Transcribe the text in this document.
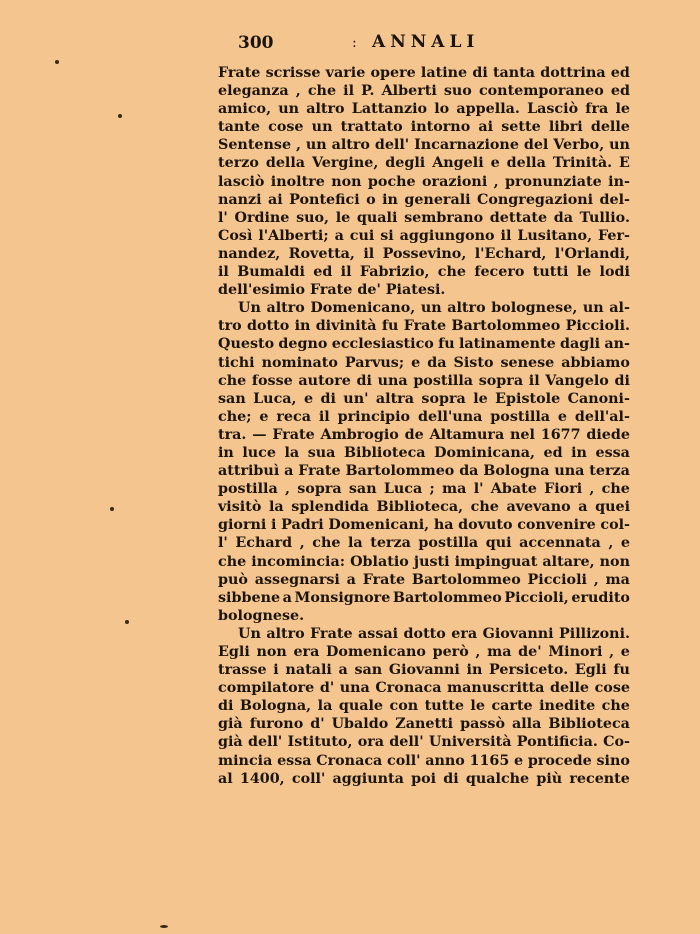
300	: ANNALI
Frate scrisse varie opere latine di tanta dottrina ed
eleganza , che il P. Alberti suo contemporaneo ed
amico, un altro Lattanzio lo appella. Lasciò fra le
tante cose un trattato intorno ai sette libri delle
Sentense , un altro dell' Incarnazione del Verbo, un
terzo della Vergine, degli Angeli e della Trinità. E
lasciò inoltre non poche orazioni , pronunziate in-
nanzi ai Pontefici o in generali Congregazioni del-
l' Ordine suo, le quali sembrano dettate da Tullio.
Così l'Alberti; a cui si aggiungono il Lusitano, Fer-
nandez, Rovetta, il Possevino, l'Echard, l'Orlandi,
il Bumaldi ed il Fabrizio, che fecero tutti le lodi
dell'esimio Frate de' Piatesi.
Un altro Domenicano, un altro bolognese, un al-
tro dotto in divinità fu Frate Bartolommeo Piccioli.
Questo degno ecclesiastico fu latinamente dagli an-
tichi nominato Parvus; e da Sisto senese abbiamo
che fosse autore di una postilla sopra il Vangelo di
san Luca, e di un' altra sopra le Epistole Canoni-
che; e reca il principio dell'una postilla e dell'al-
tra. — Frate Ambrogio de Altamura nel 1677 diede
in luce la sua Biblioteca Dominicana, ed in essa
attribuì a Frate Bartolommeo da Bologna una terza
postilla , sopra san Luca ; ma l' Abate Fiori , che
visitò la splendida Biblioteca, che avevano a quei
giorni i Padri Domenicani, ha dovuto convenire col-
l' Echard , che la terza postilla qui accennata , e
che incomincia: Oblatio justi impinguat altare, non
può assegnarsi a Frate Bartolommeo Piccioli , ma
sibbene a Monsignore Bartolommeo Piccioli, erudito
bolognese.
Un altro Frate assai dotto era Giovanni Pillizoni.
Egli non era Domenicano però , ma de' Minori , e
trasse i natali a san Giovanni in Persiceto. Egli fu
compilatore d' una Cronaca manuscritta delle cose
di Bologna, la quale con tutte le carte inedite che
già furono d' Ubaldo Zanetti passò alla Biblioteca
già dell' Istituto, ora dell' Università Pontificia. Co-
mincia essa Cronaca coll' anno 1165 e procede sino
al 1400, coll' aggiunta poi di qualche più recente
